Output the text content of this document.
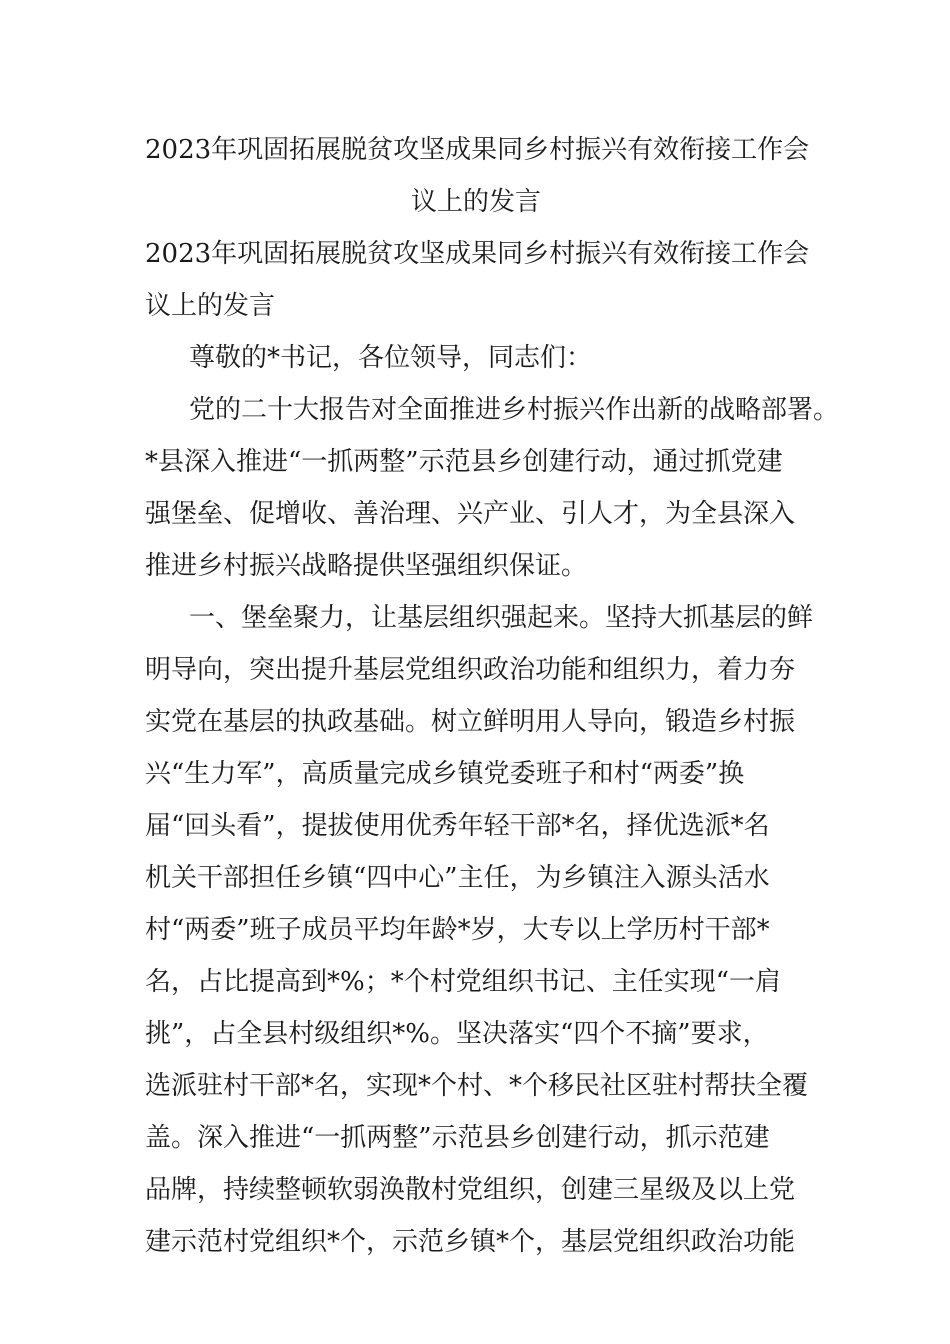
2023年巩固拓展脱贫攻坚成果同乡村振兴有效衔接工作会
议上的发言
2023年巩固拓展脱贫攻坚成果同乡村振兴有效衔接工作会
议上的发言

尊敬的*书记，各位领导，同志们：

党的二十大报告对全面推进乡村振兴作出新的战略部署。
*县深入推进“一抓两整”示范县乡创建行动，通过抓党建
强堡垒、促增收、善治理、兴产业、引人才，为全县深入
推进乡村振兴战略提供坚强组织保证。

一、堡垒聚力，让基层组织强起来。坚持大抓基层的鲜
明导向，突出提升基层党组织政治功能和组织力，着力夯
实党在基层的执政基础。树立鲜明用人导向，锻造乡村振
兴“生力军”，高质量完成乡镇党委班子和村“两委”换
届“回头看”，提拔使用优秀年轻干部*名，择优选派*名
机关干部担任乡镇“四中心”主任，为乡镇注入源头活水
村“两委”班子成员平均年龄*岁，大专以上学历村干部*
名，占比提高到*%；*个村党组织书记、主任实现“一肩
挑”，占全县村级组织*%。坚决落实“四个不摘”要求，
选派驻村干部*名，实现*个村、*个移民社区驻村帮扶全覆
盖。深入推进“一抓两整”示范县乡创建行动，抓示范建
品牌，持续整顿软弱涣散村党组织，创建三星级及以上党
建示范村党组织*个，示范乡镇*个，基层党组织政治功能
